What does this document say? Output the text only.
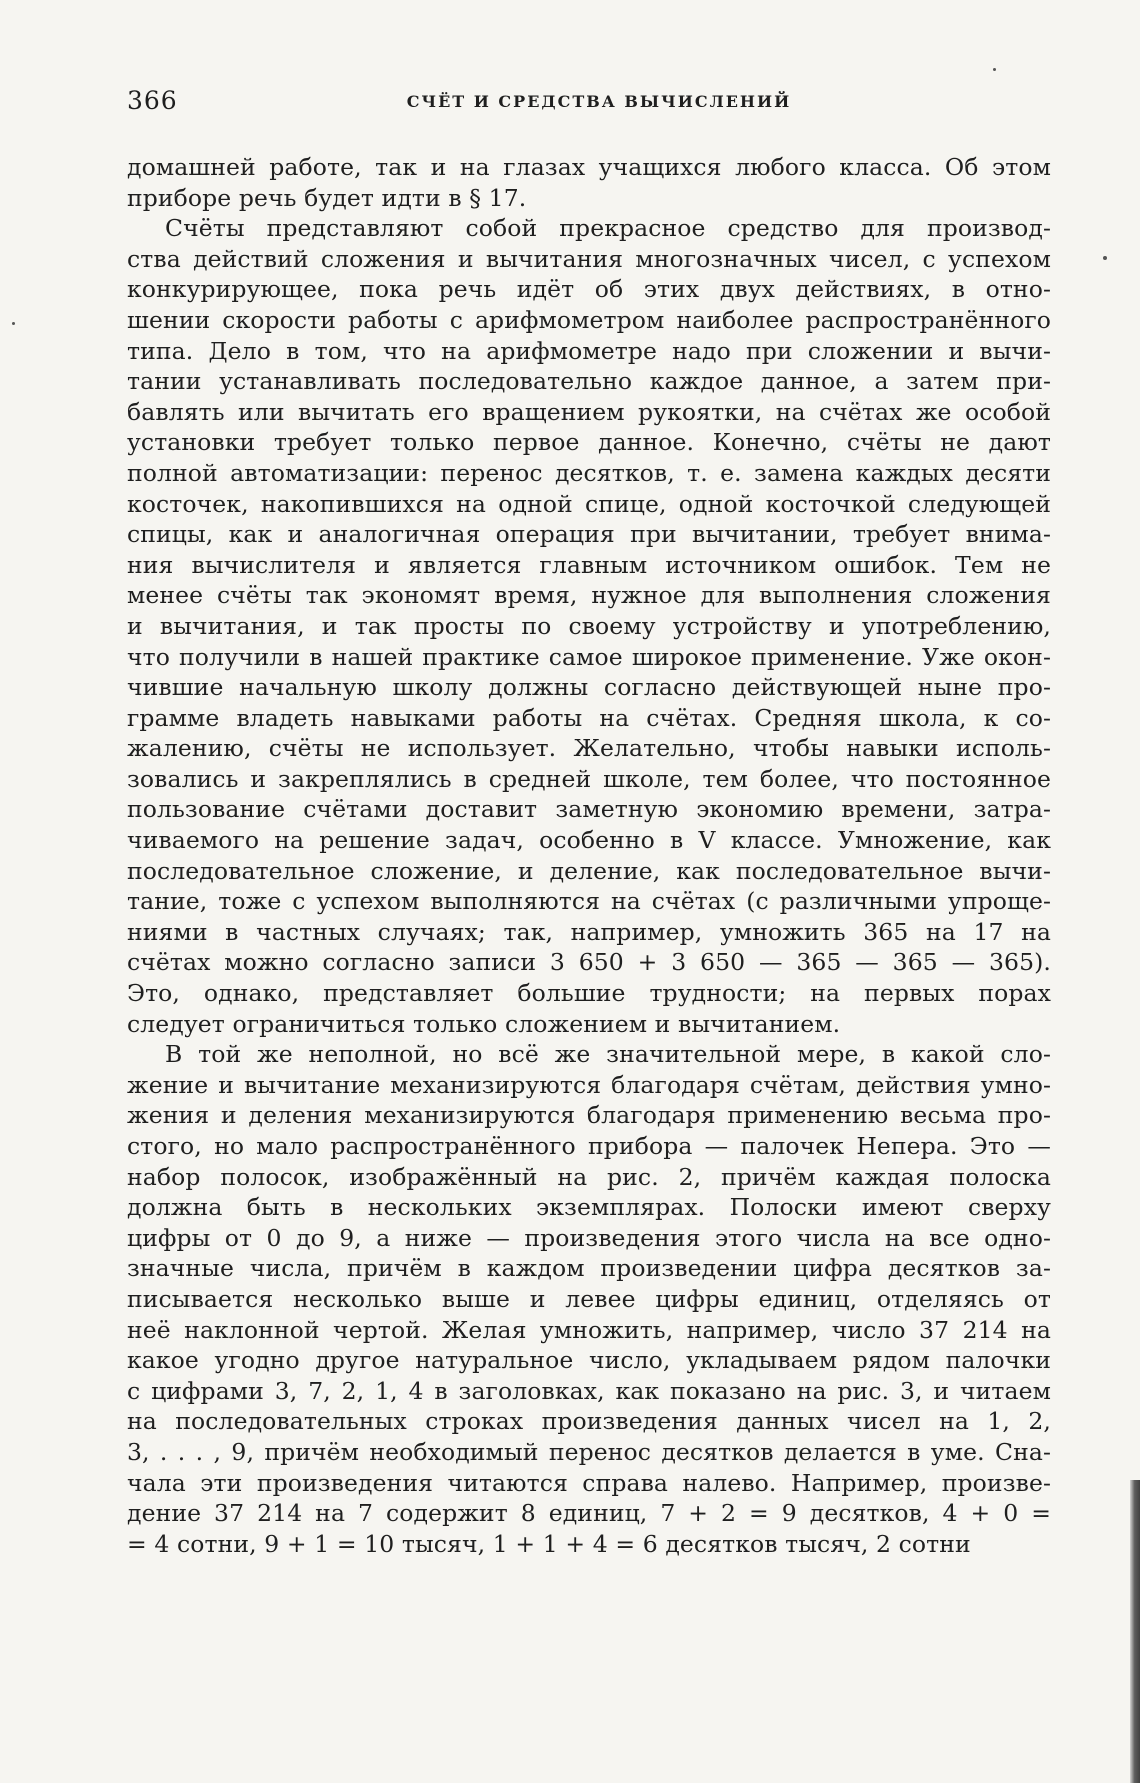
366	СЧЁТ И СРЕДСТВА ВЫЧИСЛЕНИЙ
домашней работе, так и на глазах учащихся любого класса. Об этом
приборе речь будет идти в § 17.
Счёты представляют собой прекрасное средство для производ-
ства действий сложения и вычитания многозначных чисел, с успехом
конкурирующее, пока речь идёт об этих двух действиях, в отно-
шении скорости работы с арифмометром наиболее распространённого
типа. Дело в том, что на арифмометре надо при сложении и вычи-
тании устанавливать последовательно каждое данное, а затем при-
бавлять или вычитать его вращением рукоятки, на счётах же особой
установки требует только первое данное. Конечно, счёты не дают
полной автоматизации: перенос десятков, т. е. замена каждых десяти
косточек, накопившихся на одной спице, одной косточкой следующей
спицы, как и аналогичная операция при вычитании, требует внима-
ния вычислителя и является главным источником ошибок. Тем не
менее счёты так экономят время, нужное для выполнения сложения
и вычитания, и так просты по своему устройству и употреблению,
что получили в нашей практике самое широкое применение. Уже окон-
чившие начальную школу должны согласно действующей ныне про-
грамме владеть навыками работы на счётах. Средняя школа, к со-
жалению, счёты не использует. Желательно, чтобы навыки исполь-
зовались и закреплялись в средней школе, тем более, что постоянное
пользование счётами доставит заметную экономию времени, затра-
чиваемого на решение задач, особенно в V классе. Умножение, как
последовательное сложение, и деление, как последовательное вычи-
тание, тоже с успехом выполняются на счётах (с различными упроще-
ниями в частных случаях; так, например, умножить 365 на 17 на
счётах можно согласно записи 3 650 + 3 650 — 365 — 365 — 365).
Это, однако, представляет большие трудности; на первых порах
следует ограничиться только сложением и вычитанием.
В той же неполной, но всё же значительной мере, в какой сло-
жение и вычитание механизируются благодаря счётам, действия умно-
жения и деления механизируются благодаря применению весьма про-
стого, но мало распространённого прибора — палочек Непера. Это —
набор полосок, изображённый на рис. 2, причём каждая полоска
должна быть в нескольких экземплярах. Полоски имеют сверху
цифры от 0 до 9, а ниже — произведения этого числа на все одно-
значные числа, причём в каждом произведении цифра десятков за-
писывается несколько выше и левее цифры единиц, отделяясь от
неё наклонной чертой. Желая умножить, например, число 37 214 на
какое угодно другое натуральное число, укладываем рядом палочки
с цифрами 3, 7, 2, 1, 4 в заголовках, как показано на рис. 3, и читаем
на последовательных строках произведения данных чисел на 1, 2,
3, . . . , 9, причём необходимый перенос десятков делается в уме. Сна-
чала эти произведения читаются справа налево. Например, произве-
дение 37 214 на 7 содержит 8 единиц, 7 + 2 = 9 десятков, 4 + 0 =
= 4 сотни, 9 + 1 = 10 тысяч, 1 + 1 + 4 = 6 десятков тысяч, 2 сотни
